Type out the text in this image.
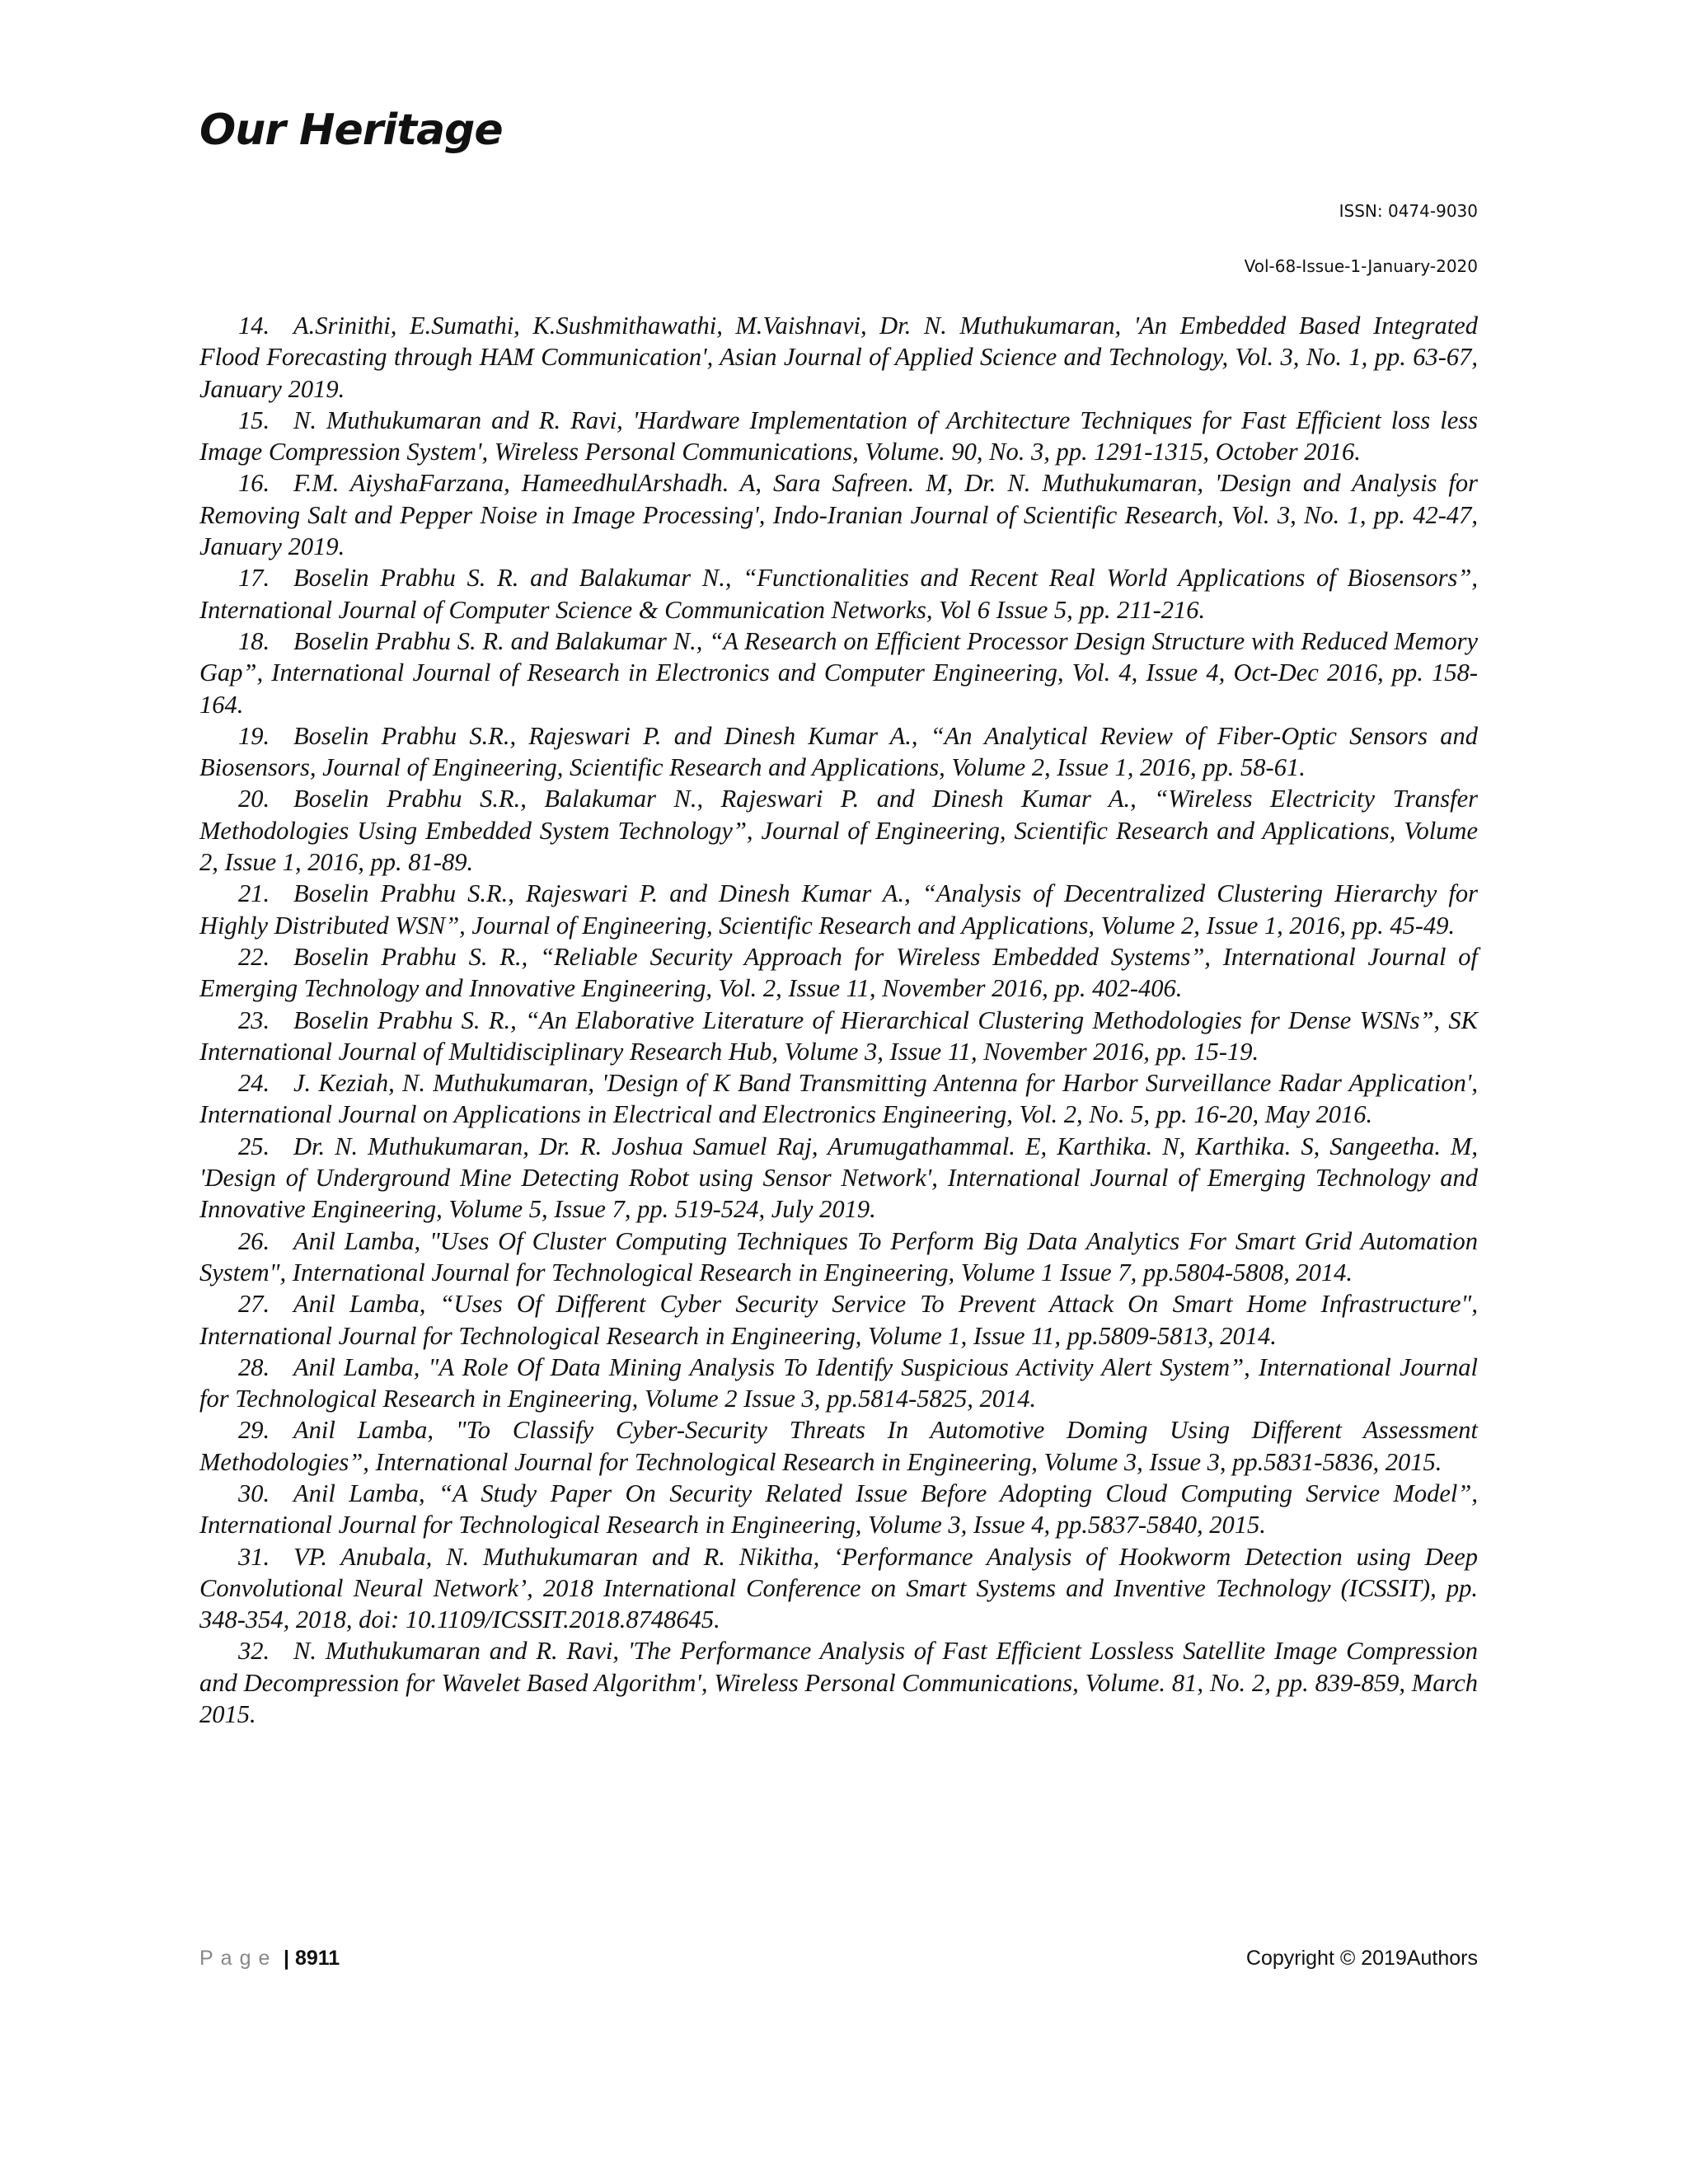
Our Heritage

ISSN: 0474-9030

Vol-68-Issue-1-January-2020

14. A.Srinithi, E.Sumathi, K.Sushmithawathi, M.Vaishnavi, Dr. N. Muthukumaran, 'An Embedded Based Integrated Flood Forecasting through HAM Communication', Asian Journal of Applied Science and Technology, Vol. 3, No. 1, pp. 63-67, January 2019.
15. N. Muthukumaran and R. Ravi, 'Hardware Implementation of Architecture Techniques for Fast Efficient loss less Image Compression System', Wireless Personal Communications, Volume. 90, No. 3, pp. 1291-1315, October 2016.
16. F.M. AiyshaFarzana, HameedhulArshadh. A, Sara Safreen. M, Dr. N. Muthukumaran, 'Design and Analysis for Removing Salt and Pepper Noise in Image Processing', Indo-Iranian Journal of Scientific Research, Vol. 3, No. 1, pp. 42-47, January 2019.
17. Boselin Prabhu S. R. and Balakumar N., “Functionalities and Recent Real World Applications of Biosensors”, International Journal of Computer Science & Communication Networks, Vol 6 Issue 5, pp. 211-216.
18. Boselin Prabhu S. R. and Balakumar N., “A Research on Efficient Processor Design Structure with Reduced Memory Gap”, International Journal of Research in Electronics and Computer Engineering, Vol. 4, Issue 4, Oct-Dec 2016, pp. 158-164.
19. Boselin Prabhu S.R., Rajeswari P. and Dinesh Kumar A., “An Analytical Review of Fiber-Optic Sensors and Biosensors, Journal of Engineering, Scientific Research and Applications, Volume 2, Issue 1, 2016, pp. 58-61.
20. Boselin Prabhu S.R., Balakumar N., Rajeswari P. and Dinesh Kumar A., “Wireless Electricity Transfer Methodologies Using Embedded System Technology”, Journal of Engineering, Scientific Research and Applications, Volume 2, Issue 1, 2016, pp. 81-89.
21. Boselin Prabhu S.R., Rajeswari P. and Dinesh Kumar A., “Analysis of Decentralized Clustering Hierarchy for Highly Distributed WSN”, Journal of Engineering, Scientific Research and Applications, Volume 2, Issue 1, 2016, pp. 45-49.
22. Boselin Prabhu S. R., “Reliable Security Approach for Wireless Embedded Systems”, International Journal of Emerging Technology and Innovative Engineering, Vol. 2, Issue 11, November 2016, pp. 402-406.
23. Boselin Prabhu S. R., “An Elaborative Literature of Hierarchical Clustering Methodologies for Dense WSNs”, SK International Journal of Multidisciplinary Research Hub, Volume 3, Issue 11, November 2016, pp. 15-19.
24. J. Keziah, N. Muthukumaran, 'Design of K Band Transmitting Antenna for Harbor Surveillance Radar Application', International Journal on Applications in Electrical and Electronics Engineering, Vol. 2, No. 5, pp. 16-20, May 2016.
25. Dr. N. Muthukumaran, Dr. R. Joshua Samuel Raj, Arumugathammal. E, Karthika. N, Karthika. S, Sangeetha. M, 'Design of Underground Mine Detecting Robot using Sensor Network', International Journal of Emerging Technology and Innovative Engineering, Volume 5, Issue 7, pp. 519-524, July 2019.
26. Anil Lamba, "Uses Of Cluster Computing Techniques To Perform Big Data Analytics For Smart Grid Automation System", International Journal for Technological Research in Engineering, Volume 1 Issue 7, pp.5804-5808, 2014.
27. Anil Lamba, “Uses Of Different Cyber Security Service To Prevent Attack On Smart Home Infrastructure", International Journal for Technological Research in Engineering, Volume 1, Issue 11, pp.5809-5813, 2014.
28. Anil Lamba, "A Role Of Data Mining Analysis To Identify Suspicious Activity Alert System”, International Journal for Technological Research in Engineering, Volume 2 Issue 3, pp.5814-5825, 2014.
29. Anil Lamba, "To Classify Cyber-Security Threats In Automotive Doming Using Different Assessment Methodologies”, International Journal for Technological Research in Engineering, Volume 3, Issue 3, pp.5831-5836, 2015.
30. Anil Lamba, “A Study Paper On Security Related Issue Before Adopting Cloud Computing Service Model”, International Journal for Technological Research in Engineering, Volume 3, Issue 4, pp.5837-5840, 2015.
31. VP. Anubala, N. Muthukumaran and R. Nikitha, ‘Performance Analysis of Hookworm Detection using Deep Convolutional Neural Network’, 2018 International Conference on Smart Systems and Inventive Technology (ICSSIT), pp. 348-354, 2018, doi: 10.1109/ICSSIT.2018.8748645.
32. N. Muthukumaran and R. Ravi, 'The Performance Analysis of Fast Efficient Lossless Satellite Image Compression and Decompression for Wavelet Based Algorithm', Wireless Personal Communications, Volume. 81, No. 2, pp. 839-859, March 2015.
Page | 8911	Copyright © 2019Authors
